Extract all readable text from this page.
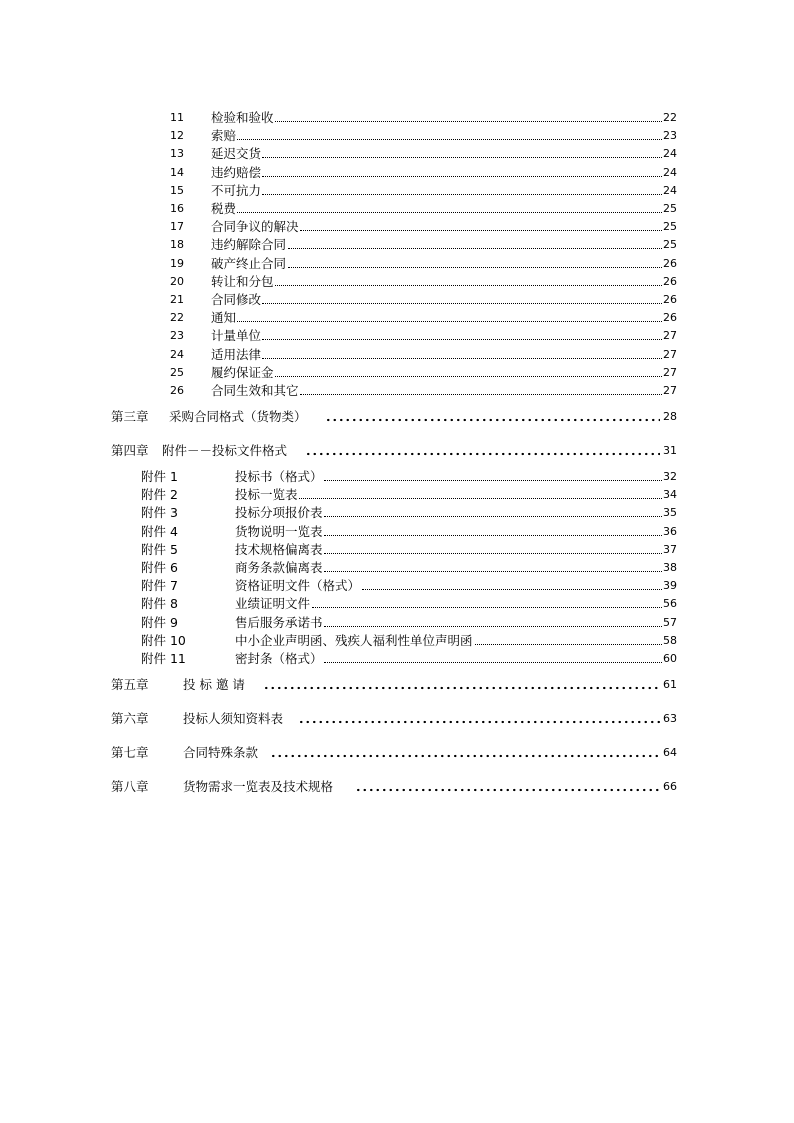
11 检验和验收	22
12 索赔	23
13 延迟交货	24
14 违约赔偿	24
15 不可抗力	24
16 税费	25
17 合同争议的解决	25
18 违约解除合同	25
19 破产终止合同	26
20 转让和分包	26
21 合同修改	26
22 通知	26
23 计量单位	27
24 适用法律	27
25 履约保证金	27
26 合同生效和其它	27
第三章 采购合同格式（货物类）	28
第四章 附件－－投标文件格式	31
附件 1	投标书（格式）	32
附件 2	投标一览表	34
附件 3	投标分项报价表	35
附件 4	货物说明一览表	36
附件 5	技术规格偏离表	37
附件 6	商务条款偏离表	38
附件 7	资格证明文件（格式）	39
附件 8	业绩证明文件	56
附件 9	售后服务承诺书	57
附件 10	中小企业声明函、残疾人福利性单位声明函	58
附件 11	密封条（格式）	60
第五章	投 标 邀 请	61
第六章	投标人须知资料表	63
第七章	合同特殊条款	64
第八章	货物需求一览表及技术规格	66
